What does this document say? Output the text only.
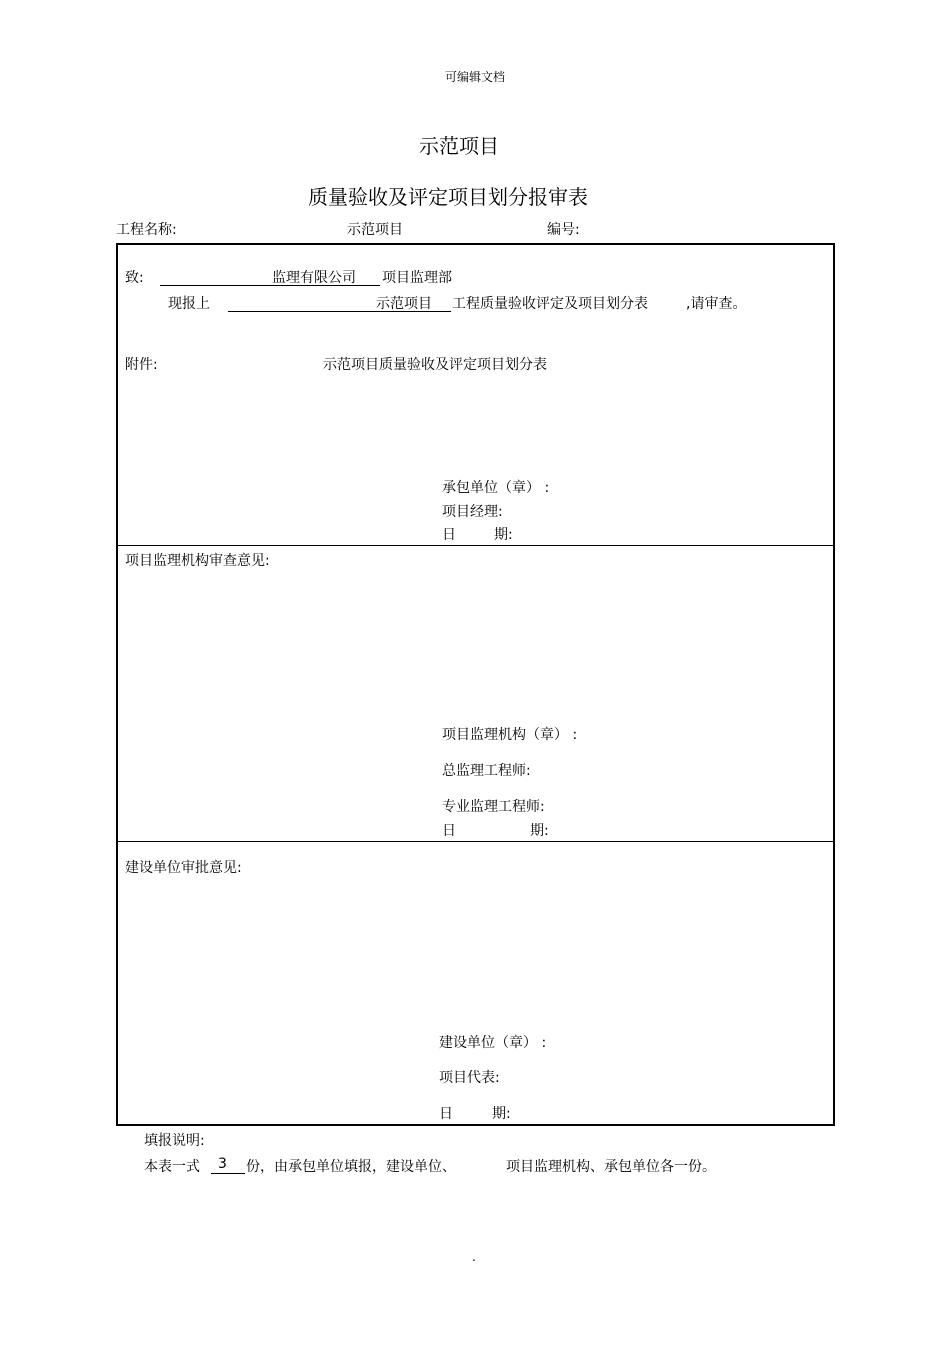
可编辑文档
示范项目
质量验收及评定项目划分报审表
工程名称:	示范项目	编号:
致:	监理有限公司 项目监理部
现报上	示范项目 工程质量验收评定及项目划分表	,请审查。
附件:	示范项目质量验收及评定项目划分表
承包单位（章） :
项目经理:
日	期:
项目监理机构审查意见:
项目监理机构（章） :
总监理工程师:
专业监理工程师:
日	期:
建设单位审批意见:
建设单位（章） :
项目代表:
日	期:
填报说明:
本表一式 3 份，由承包单位填报，建设单位、	项目监理机构、承包单位各一份。
.
